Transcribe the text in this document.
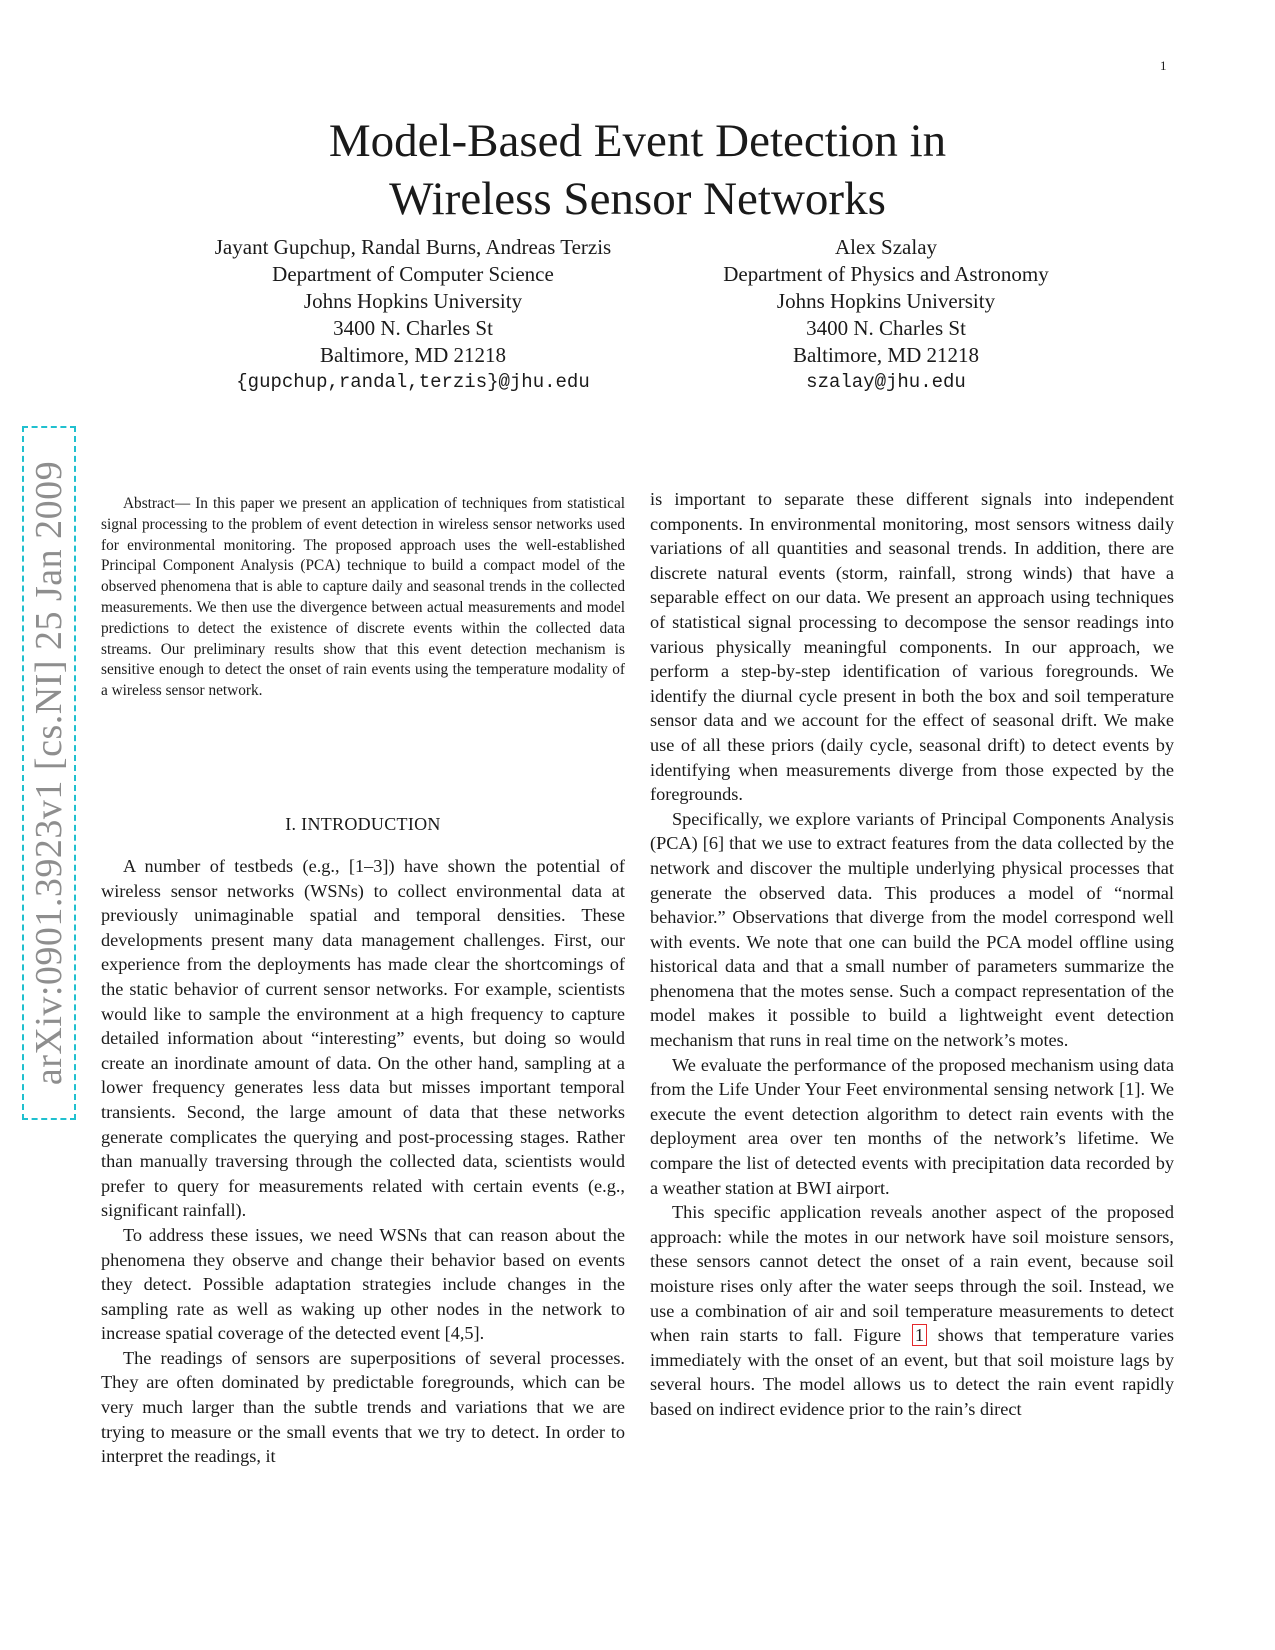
1
Model-Based Event Detection in
Wireless Sensor Networks
Jayant Gupchup, Randal Burns, Andreas Terzis
Department of Computer Science
Johns Hopkins University
3400 N. Charles St
Baltimore, MD 21218
{gupchup,randal,terzis}@jhu.edu
Alex Szalay
Department of Physics and Astronomy
Johns Hopkins University
3400 N. Charles St
Baltimore, MD 21218
szalay@jhu.edu
arXiv:0901.3923v1 [cs.NI] 25 Jan 2009	Abstract— In this paper we present an application of techniques from statistical signal processing to the problem of event detection in wireless sensor networks used for environmental monitoring. The proposed approach uses the well-established Principal Component Analysis (PCA) technique to build a compact model of the observed phenomena that is able to capture daily and seasonal trends in the collected measurements. We then use the divergence between actual measurements and model predictions to detect the existence of discrete events within the collected data streams. Our preliminary results show that this event detection mechanism is sensitive enough to detect the onset of rain events using the temperature modality of a wireless sensor network.

I. INTRODUCTION

A number of testbeds (e.g., [1–3]) have shown the potential of wireless sensor networks (WSNs) to collect environmental data at previously unimaginable spatial and temporal densities. These developments present many data management challenges. First, our experience from the deployments has made clear the shortcomings of the static behavior of current sensor networks. For example, scientists would like to sample the environment at a high frequency to capture detailed information about “interesting” events, but doing so would create an inordinate amount of data. On the other hand, sampling at a lower frequency generates less data but misses important temporal transients. Second, the large amount of data that these networks generate complicates the querying and post-processing stages. Rather than manually traversing through the collected data, scientists would prefer to query for measurements related with certain events (e.g., significant rainfall).

To address these issues, we need WSNs that can reason about the phenomena they observe and change their behavior based on events they detect. Possible adaptation strategies include changes in the sampling rate as well as waking up other nodes in the network to increase spatial coverage of the detected event [4,5].

The readings of sensors are superpositions of several processes. They are often dominated by predictable foregrounds, which can be very much larger than the subtle trends and variations that we are trying to measure or the small events that we try to detect. In order to interpret the readings, it

is important to separate these different signals into independent components. In environmental monitoring, most sensors witness daily variations of all quantities and seasonal trends. In addition, there are discrete natural events (storm, rainfall, strong winds) that have a separable effect on our data. We present an approach using techniques of statistical signal processing to decompose the sensor readings into various physically meaningful components. In our approach, we perform a step-by-step identification of various foregrounds. We identify the diurnal cycle present in both the box and soil temperature sensor data and we account for the effect of seasonal drift. We make use of all these priors (daily cycle, seasonal drift) to detect events by identifying when measurements diverge from those expected by the foregrounds.

Specifically, we explore variants of Principal Components Analysis (PCA) [6] that we use to extract features from the data collected by the network and discover the multiple underlying physical processes that generate the observed data. This produces a model of “normal behavior.” Observations that diverge from the model correspond well with events. We note that one can build the PCA model offline using historical data and that a small number of parameters summarize the phenomena that the motes sense. Such a compact representation of the model makes it possible to build a lightweight event detection mechanism that runs in real time on the network’s motes.

We evaluate the performance of the proposed mechanism using data from the Life Under Your Feet environmental sensing network [1]. We execute the event detection algorithm to detect rain events with the deployment area over ten months of the network’s lifetime. We compare the list of detected events with precipitation data recorded by a weather station at BWI airport.

This specific application reveals another aspect of the proposed approach: while the motes in our network have soil moisture sensors, these sensors cannot detect the onset of a rain event, because soil moisture rises only after the water seeps through the soil. Instead, we use a combination of air and soil temperature measurements to detect when rain starts to fall. Figure 1 shows that temperature varies immediately with the onset of an event, but that soil moisture lags by several hours. The model allows us to detect the rain event rapidly based on indirect evidence prior to the rain’s direct
